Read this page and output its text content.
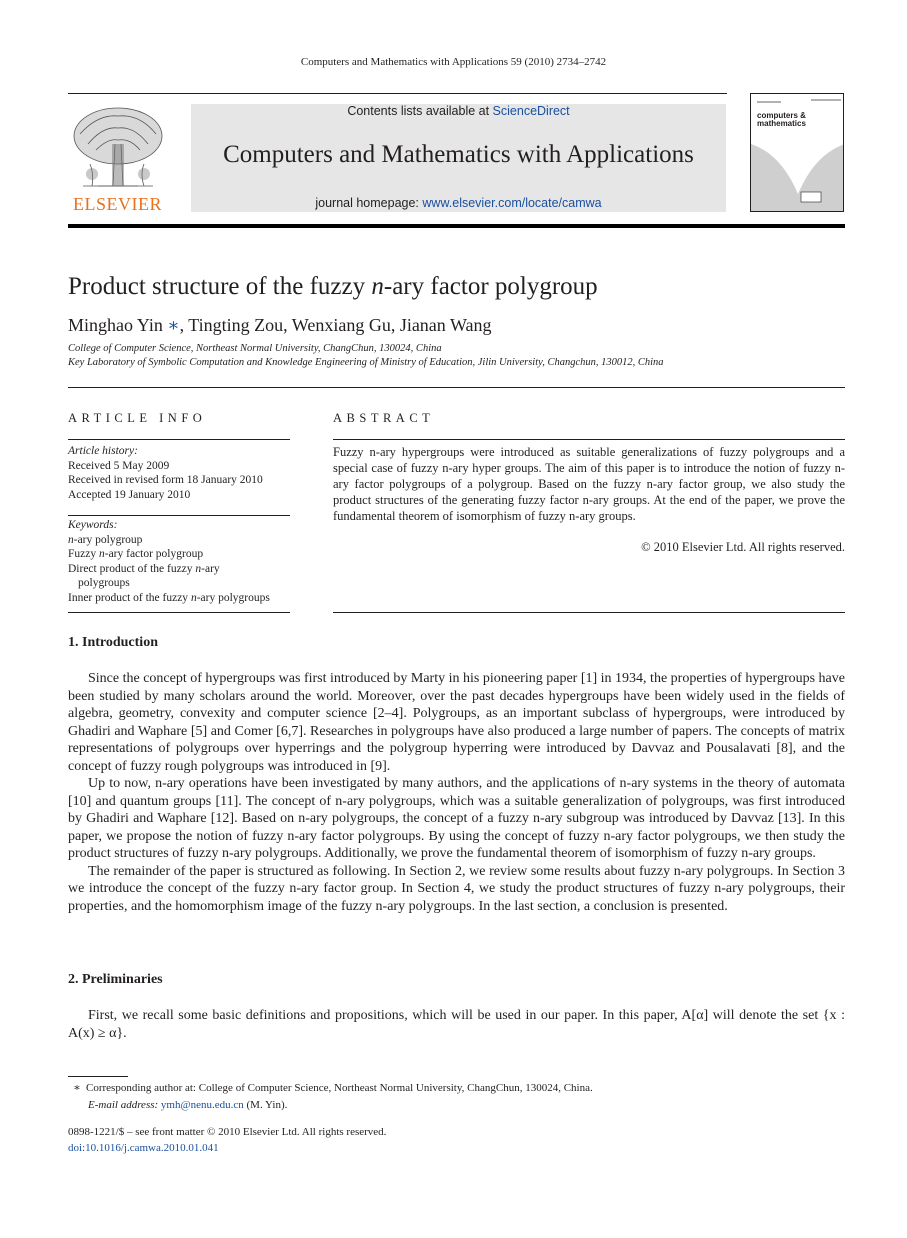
Computers and Mathematics with Applications 59 (2010) 2734–2742
ELSEVIER
Contents lists available at ScienceDirect
Computers and Mathematics with Applications
journal homepage: www.elsevier.com/locate/camwa
computers & mathematics
Product structure of the fuzzy n-ary factor polygroup
Minghao Yin ∗, Tingting Zou, Wenxiang Gu, Jianan Wang
College of Computer Science, Northeast Normal University, ChangChun, 130024, China
Key Laboratory of Symbolic Computation and Knowledge Engineering of Ministry of Education, Jilin University, Changchun, 130012, China
ARTICLE INFO
Article history:
Received 5 May 2009
Received in revised form 18 January 2010
Accepted 19 January 2010
Keywords:
n-ary polygroup
Fuzzy n-ary factor polygroup
Direct product of the fuzzy n-ary
polygroups
Inner product of the fuzzy n-ary polygroups
ABSTRACT
Fuzzy n-ary hypergroups were introduced as suitable generalizations of fuzzy polygroups and a special case of fuzzy n-ary hyper groups. The aim of this paper is to introduce the notion of fuzzy n-ary factor polygroups of a polygroup. Based on the fuzzy n-ary factor group, we also study the product structures of the generating fuzzy factor n-ary groups. At the end of the paper, we prove the fundamental theorem of isomorphism of fuzzy n-ary groups.
© 2010 Elsevier Ltd. All rights reserved.
1. Introduction

Since the concept of hypergroups was first introduced by Marty in his pioneering paper [1] in 1934, the properties of hypergroups have been studied by many scholars around the world. Moreover, over the past decades hypergroups have been widely used in the fields of algebra, geometry, convexity and computer science [2–4]. Polygroups, as an important subclass of hypergroups, were introduced by Ghadiri and Waphare [5] and Comer [6,7]. Researches in polygroups have also produced a large number of papers. The concepts of matrix representations of polygroups over hyperrings and the polygroup hyperring were introduced by Davvaz and Pousalavati [8], and the concept of fuzzy rough polygroups was introduced in [9].

Up to now, n-ary operations have been investigated by many authors, and the applications of n-ary systems in the theory of automata [10] and quantum groups [11]. The concept of n-ary polygroups, which was a suitable generalization of polygroups, was first introduced by Ghadiri and Waphare [12]. Based on n-ary polygroups, the concept of a fuzzy n-ary subgroup was introduced by Davvaz [13]. In this paper, we propose the notion of fuzzy n-ary factor polygroups. By using the concept of fuzzy n-ary factor polygroups, we then study the product structures of fuzzy n-ary polygroups. Additionally, we prove the fundamental theorem of isomorphism of fuzzy n-ary groups.

The remainder of the paper is structured as following. In Section 2, we review some results about fuzzy n-ary polygroups. In Section 3 we introduce the concept of the fuzzy n-ary factor group. In Section 4, we study the product structures of fuzzy n-ary polygroups, their properties, and the homomorphism image of the fuzzy n-ary polygroups. In the last section, a conclusion is presented.

2. Preliminaries

First, we recall some basic definitions and propositions, which will be used in our paper. In this paper, A[α] will denote the set {x : A(x) ≥ α}.

∗ Corresponding author at: College of Computer Science, Northeast Normal University, ChangChun, 130024, China.
E-mail address: ymh@nenu.edu.cn (M. Yin).
0898-1221/$ – see front matter © 2010 Elsevier Ltd. All rights reserved.
doi:10.1016/j.camwa.2010.01.041
